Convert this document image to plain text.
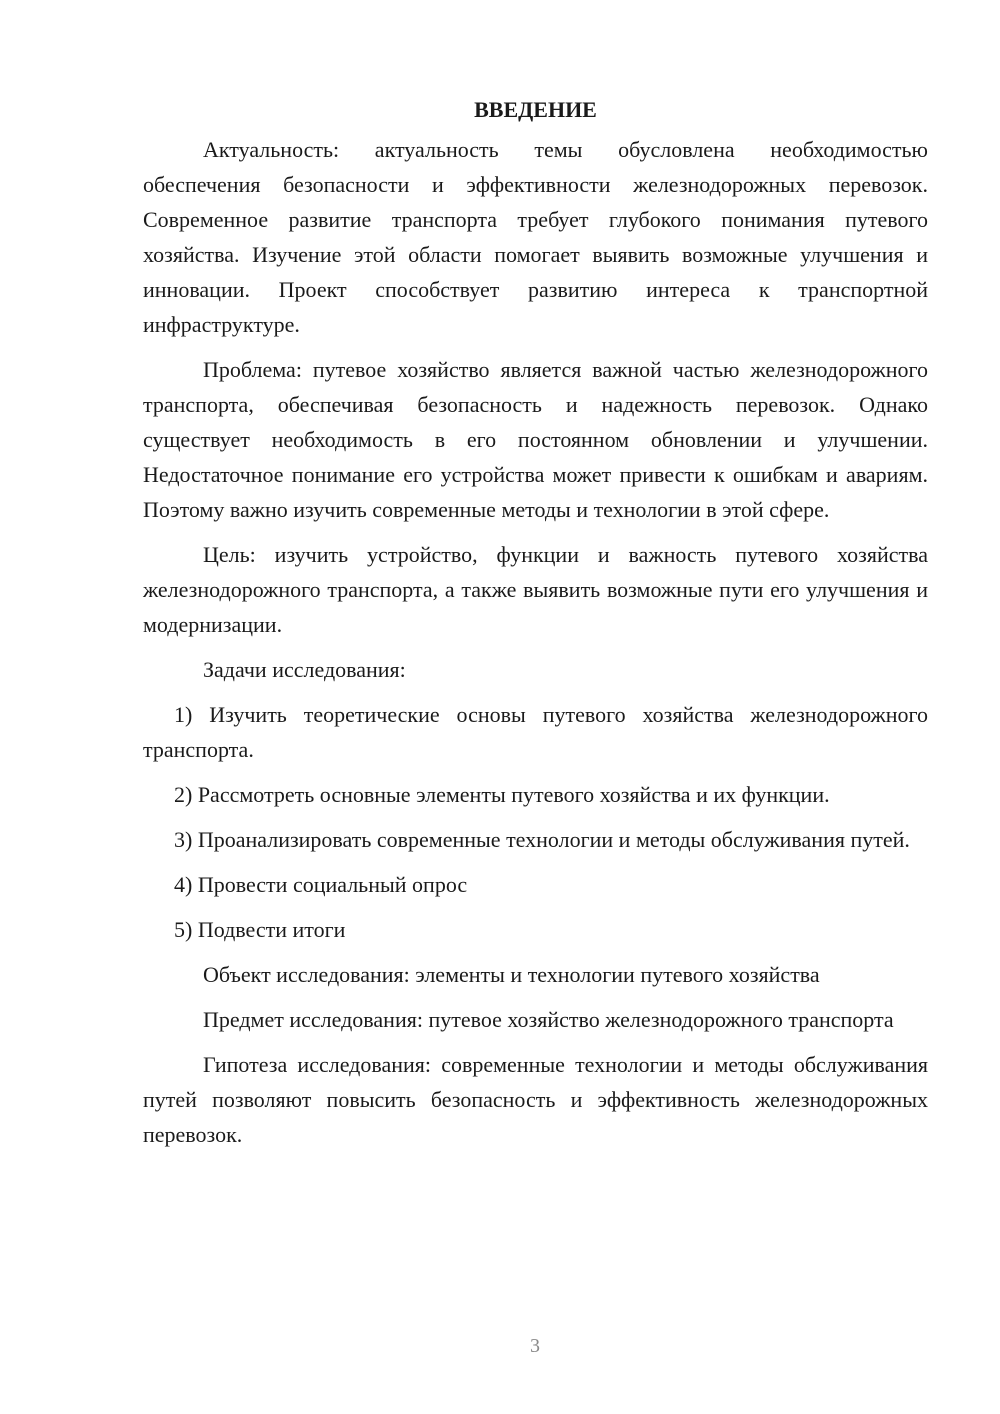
ВВЕДЕНИЕ

Актуальность: актуальность темы обусловлена необходимостью обеспечения безопасности и эффективности железнодорожных перевозок. Современное развитие транспорта требует глубокого понимания путевого хозяйства. Изучение этой области помогает выявить возможные улучшения и инновации. Проект способствует развитию интереса к транспортной инфраструктуре.

Проблема: путевое хозяйство является важной частью железнодорожного транспорта, обеспечивая безопасность и надежность перевозок. Однако существует необходимость в его постоянном обновлении и улучшении. Недостаточное понимание его устройства может привести к ошибкам и авариям. Поэтому важно изучить современные методы и технологии в этой сфере.

Цель: изучить устройство, функции и важность путевого хозяйства железнодорожного транспорта, а также выявить возможные пути его улучшения и модернизации.

Задачи исследования:

1) Изучить теоретические основы путевого хозяйства железнодорожного транспорта.

2) Рассмотреть основные элементы путевого хозяйства и их функции.

3) Проанализировать современные технологии и методы обслуживания путей.

4) Провести социальный опрос

5) Подвести итоги

Объект исследования: элементы и технологии путевого хозяйства

Предмет исследования: путевое хозяйство железнодорожного транспорта

Гипотеза исследования: современные технологии и методы обслуживания путей позволяют повысить безопасность и эффективность железнодорожных перевозок.

3
